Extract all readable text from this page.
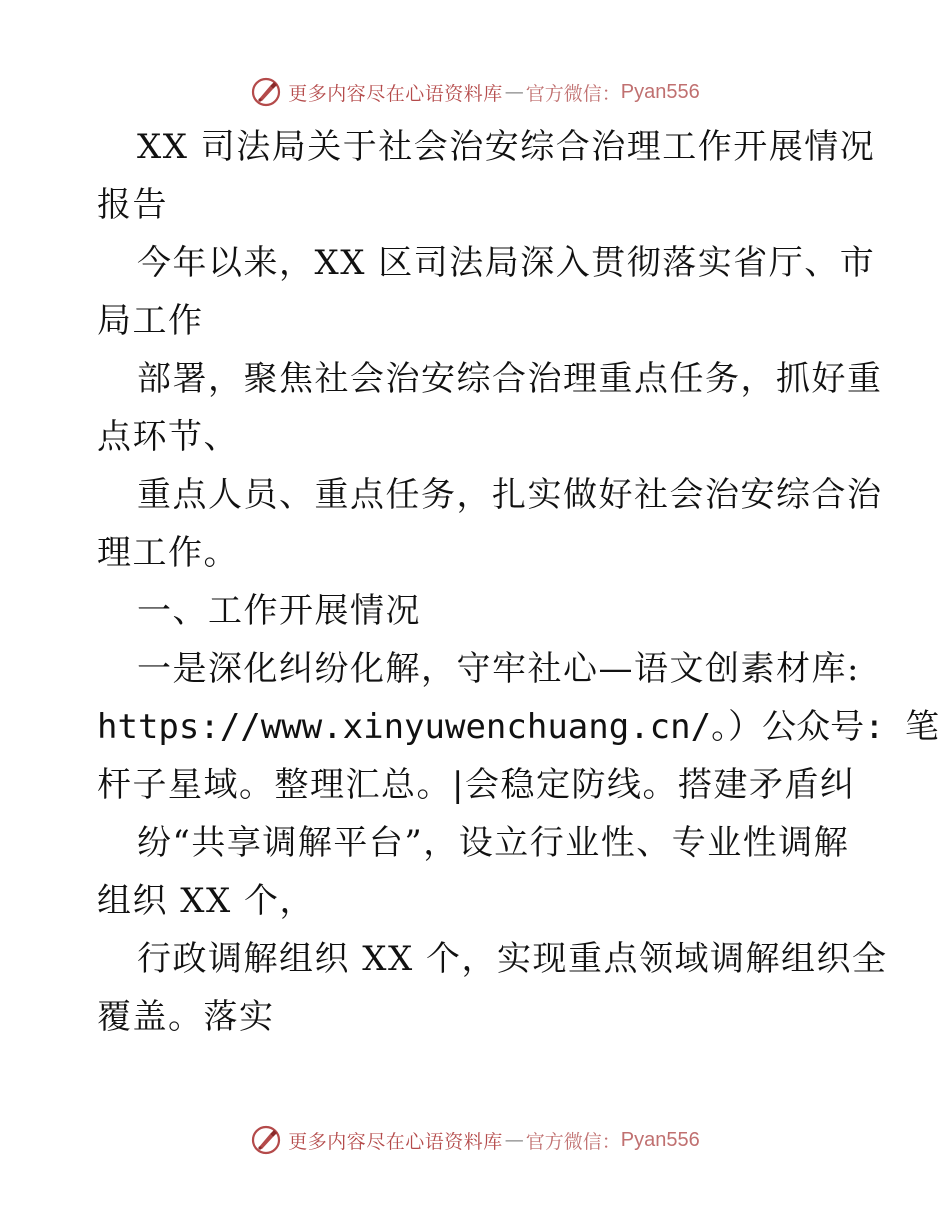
更多内容尽在心语资料库 — 官方微信： Pyan556
XX 司法局关于社会治安综合治理工作开展情况
报告
今年以来，XX 区司法局深入贯彻落实省厅、市
局工作
部署，聚焦社会治安综合治理重点任务，抓好重
点环节、
重点人员、重点任务，扎实做好社会治安综合治
理工作。
一、工作开展情况
一是深化纠纷化解，守牢社心—语文创素材库:
https://www.xinyuwenchuang.cn/。）公众号: 笔
杆子星域。整理汇总。|会稳定防线。搭建矛盾纠
纷“共享调解平台”，设立行业性、专业性调解
组织 XX 个，
行政调解组织 XX 个，实现重点领域调解组织全
覆盖。落实
更多内容尽在心语资料库 — 官方微信： Pyan556
